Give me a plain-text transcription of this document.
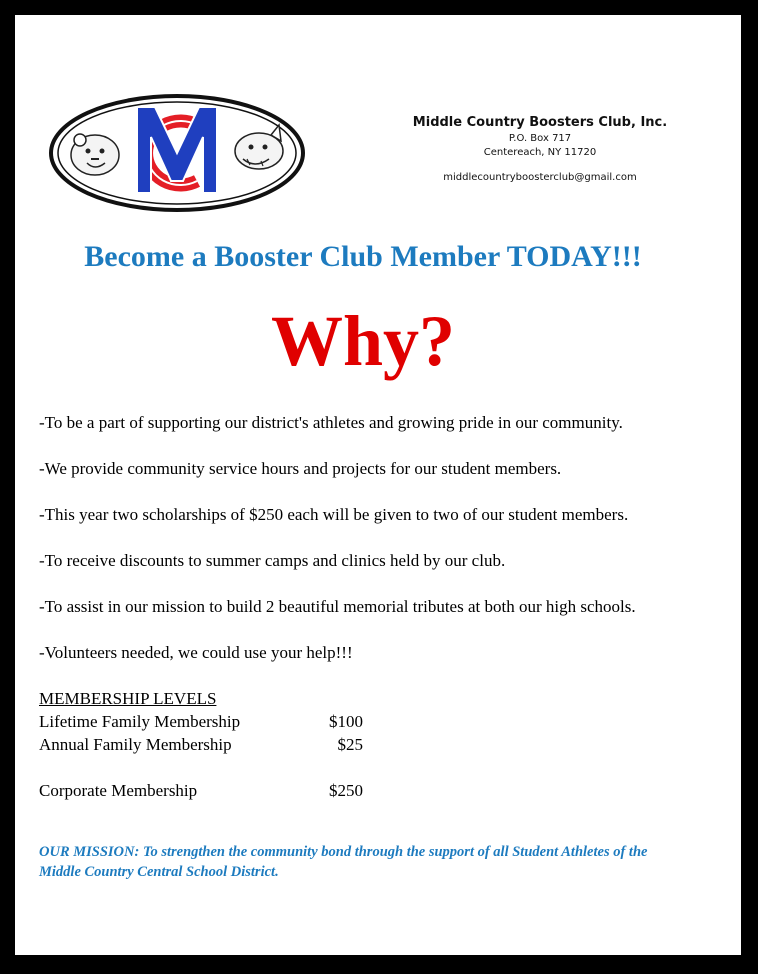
Middle Country Boosters Club, Inc.
P.O. Box 717
Centereach, NY 11720
middlecountryboosterclub@gmail.com
Become a Booster Club Member TODAY!!!
Why?
-To be a part of supporting our district's athletes and growing pride in our community.
-We provide community service hours and projects for our student members.
-This year two scholarships of $250 each will be given to two of our student members.
-To receive discounts to summer camps and clinics held by our club.
-To assist in our mission to build 2 beautiful memorial tributes at both our high schools.
-Volunteers needed, we could use your help!!!
MEMBERSHIP LEVELS
Lifetime Family Membership	$100
Annual Family Membership	$25
Corporate Membership	$250
OUR MISSION: To strengthen the community bond through the support of all Student Athletes of the Middle Country Central School District.
